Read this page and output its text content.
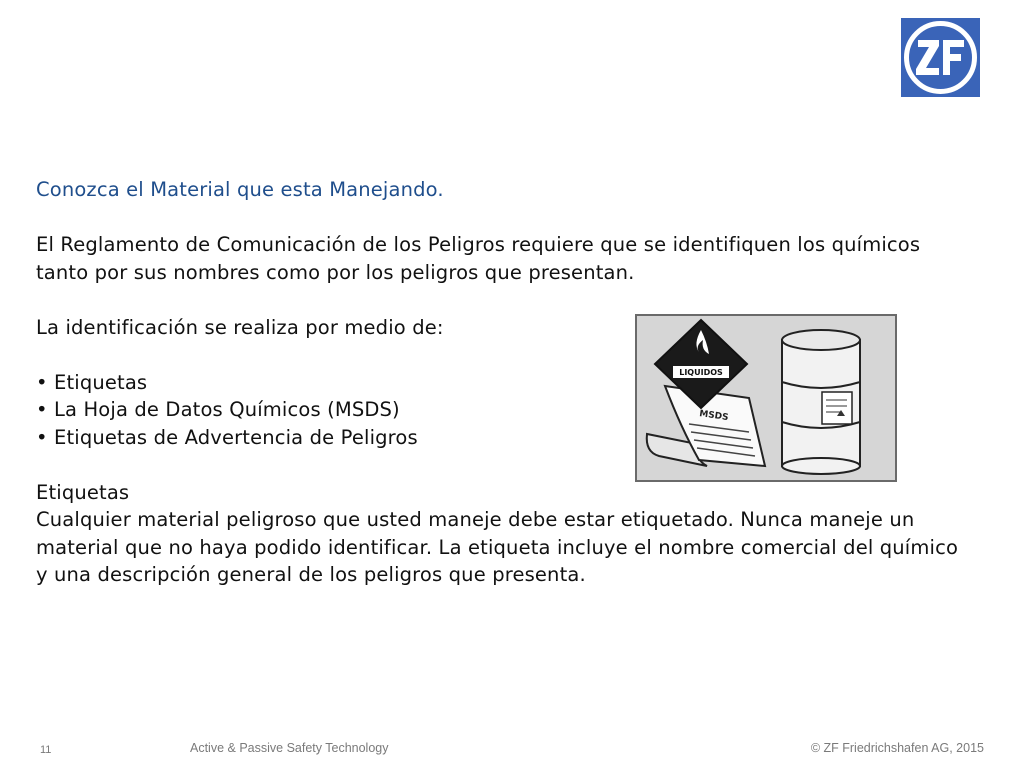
Conozca el Material que esta Manejando.

El Reglamento de Comunicación de los Peligros requiere que se identifiquen los químicos tanto por sus nombres como por los peligros que presentan.

La identificación se realiza por medio de:

• Etiquetas
• La Hoja de Datos Químicos (MSDS)
• Etiquetas de Advertencia de Peligros

Etiquetas

Cualquier material peligroso que usted maneje debe estar etiquetado. Nunca maneje un material que no haya podido identificar. La etiqueta incluye el nombre comercial del químico y una descripción general de los peligros que presenta.

MSDS
LIQUIDOS
11	Active & Passive Safety Technology	© ZF Friedrichshafen AG, 2015
